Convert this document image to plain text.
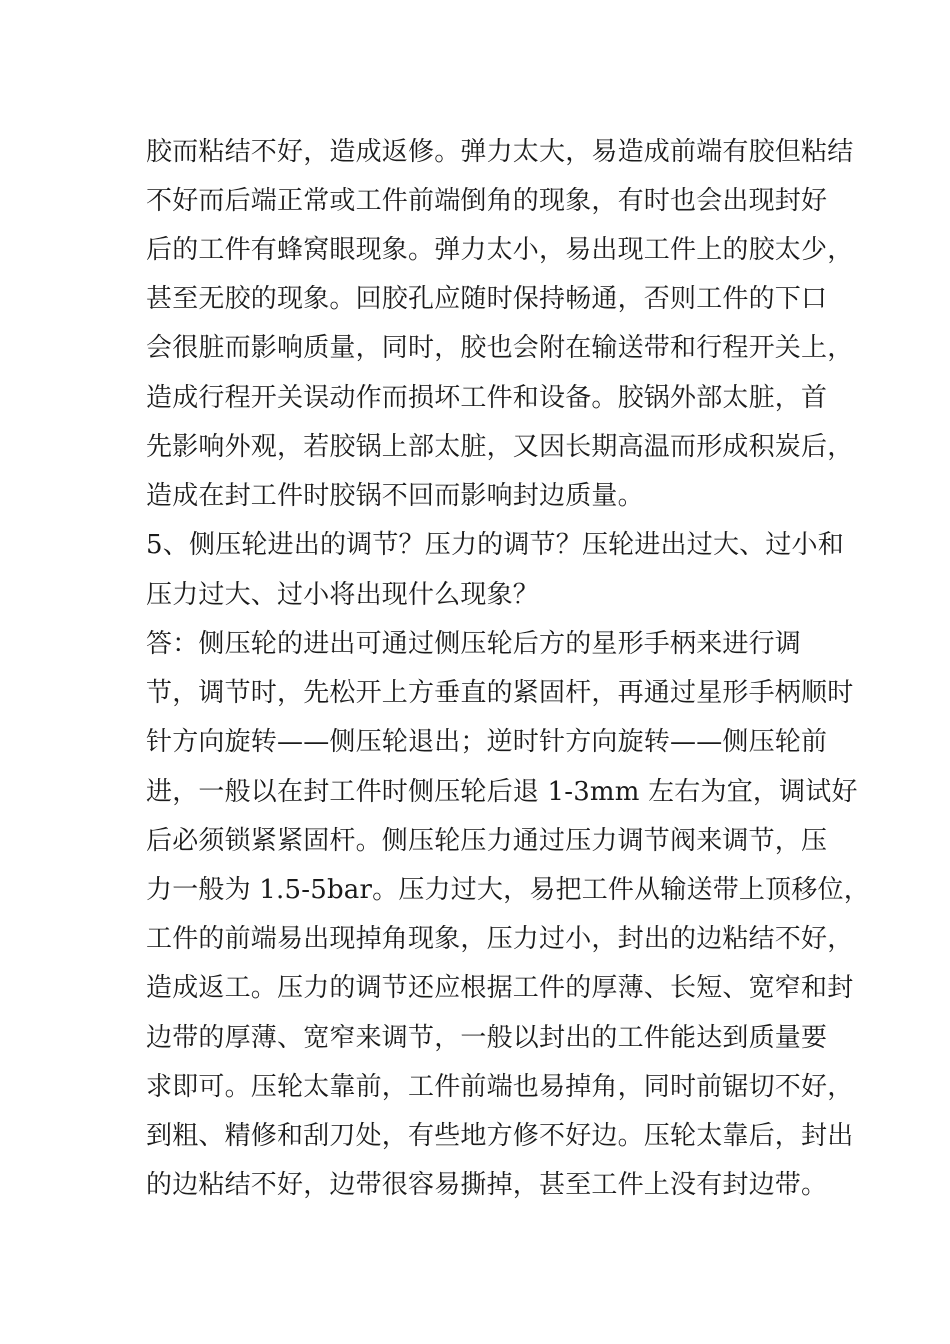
胶而粘结不好，造成返修。弹力太大，易造成前端有胶但粘结
不好而后端正常或工件前端倒角的现象，有时也会出现封好
后的工件有蜂窝眼现象。弹力太小，易出现工件上的胶太少，
甚至无胶的现象。回胶孔应随时保持畅通，否则工件的下口
会很脏而影响质量，同时，胶也会附在输送带和行程开关上，
造成行程开关误动作而损坏工件和设备。胶锅外部太脏，首
先影响外观，若胶锅上部太脏，又因长期高温而形成积炭后，
造成在封工件时胶锅不回而影响封边质量。
5、侧压轮进出的调节？压力的调节？压轮进出过大、过小和
压力过大、过小将出现什么现象？
答：侧压轮的进出可通过侧压轮后方的星形手柄来进行调
节，调节时，先松开上方垂直的紧固杆，再通过星形手柄顺时
针方向旋转——侧压轮退出；逆时针方向旋转——侧压轮前
进，一般以在封工件时侧压轮后退 1-3mm 左右为宜，调试好
后必须锁紧紧固杆。侧压轮压力通过压力调节阀来调节，压
力一般为 1.5-5bar。压力过大，易把工件从输送带上顶移位，
工件的前端易出现掉角现象，压力过小，封出的边粘结不好，
造成返工。压力的调节还应根据工件的厚薄、长短、宽窄和封
边带的厚薄、宽窄来调节，一般以封出的工件能达到质量要
求即可。压轮太靠前，工件前端也易掉角，同时前锯切不好，
到粗、精修和刮刀处，有些地方修不好边。压轮太靠后，封出
的边粘结不好，边带很容易撕掉，甚至工件上没有封边带。
